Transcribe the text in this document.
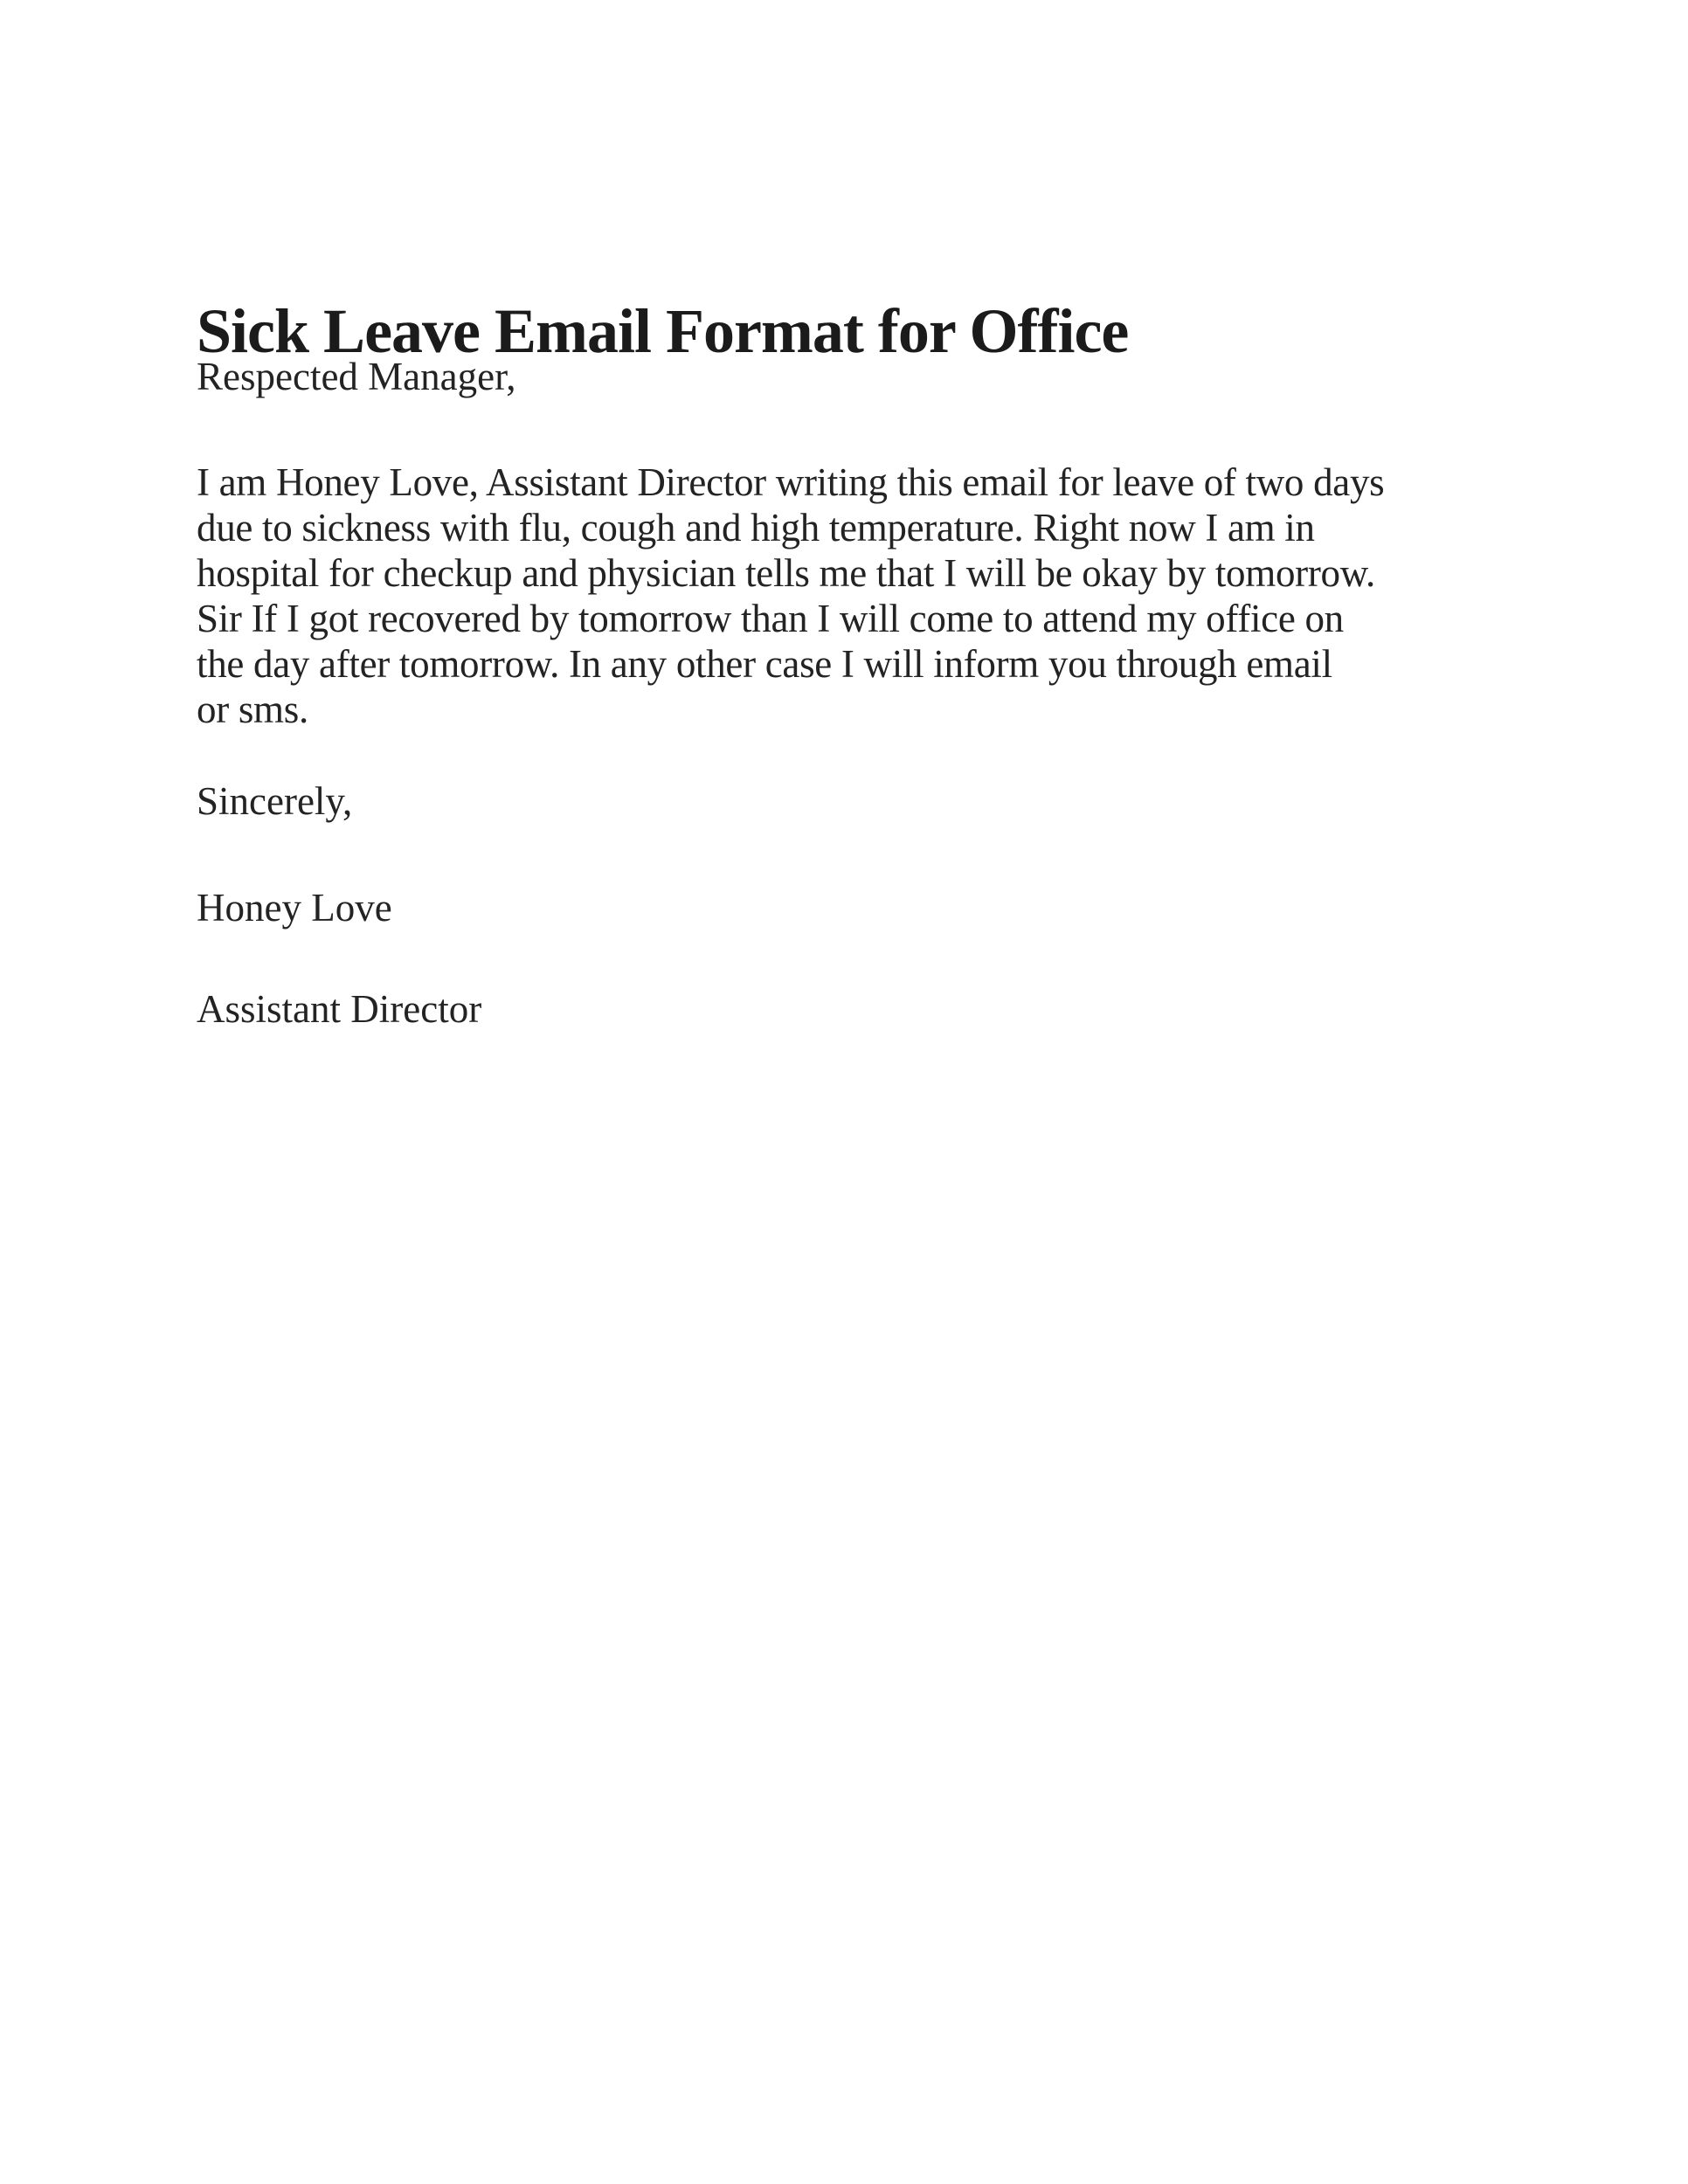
Sick Leave Email Format for Office
Respected Manager,
I am Honey Love, Assistant Director writing this email for leave of two days
due to sickness with flu, cough and high temperature. Right now I am in
hospital for checkup and physician tells me that I will be okay by tomorrow.
Sir If I got recovered by tomorrow than I will come to attend my office on
the day after tomorrow. In any other case I will inform you through email
or sms.
Sincerely,
Honey Love
Assistant Director
